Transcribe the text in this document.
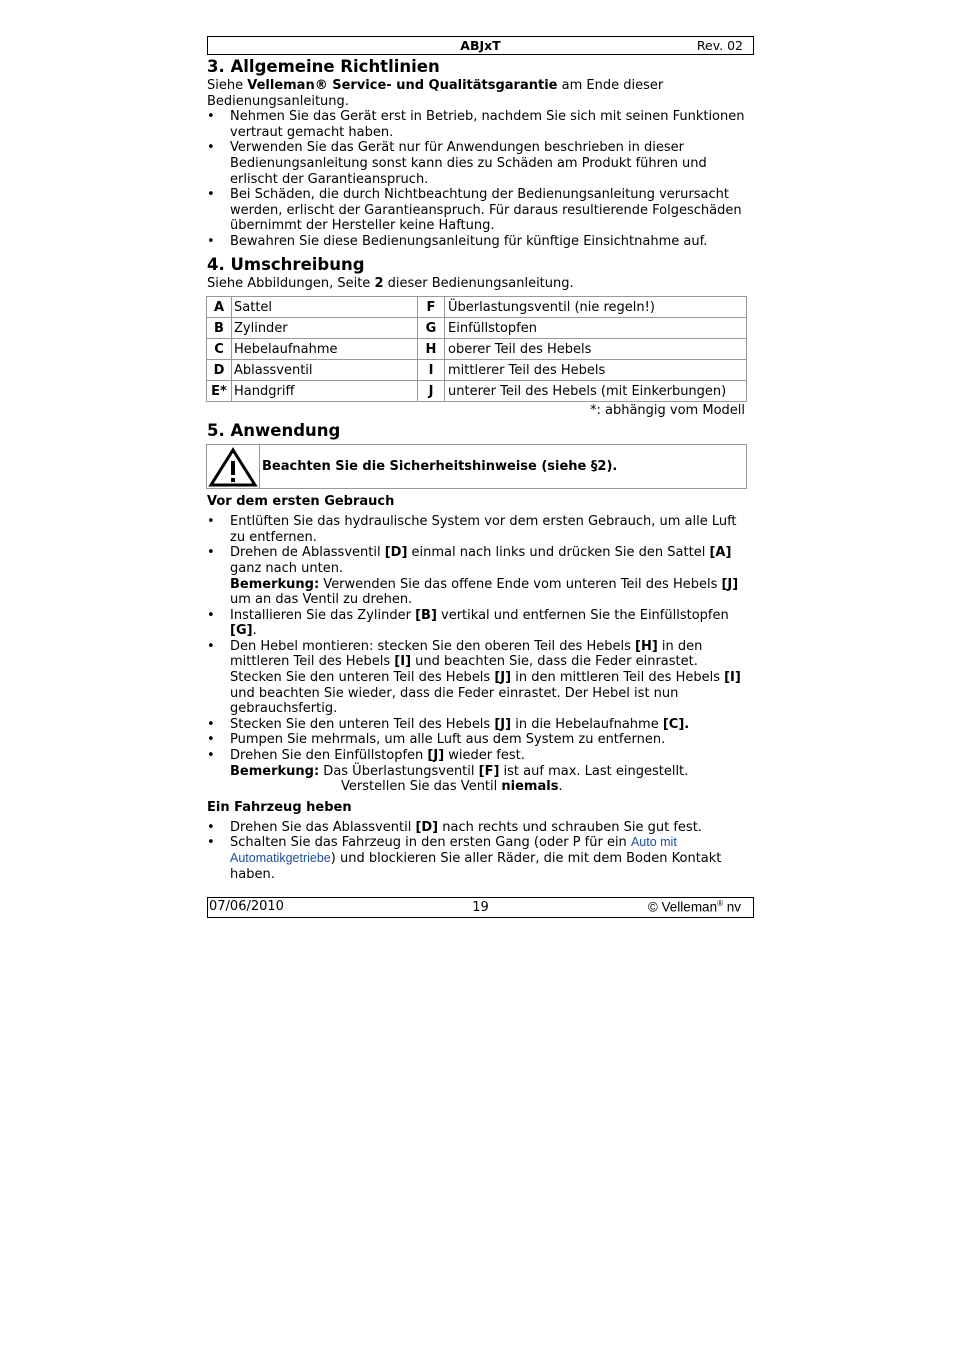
ABJxT	Rev. 02
3. Allgemeine Richtlinien

Siehe Velleman® Service- und Qualitätsgarantie am Ende dieser Bedienungsanleitung.

• Nehmen Sie das Gerät erst in Betrieb, nachdem Sie sich mit seinen Funktionen vertraut gemacht haben.
• Verwenden Sie das Gerät nur für Anwendungen beschrieben in dieser Bedienungsanleitung sonst kann dies zu Schäden am Produkt führen und erlischt der Garantieanspruch.
• Bei Schäden, die durch Nichtbeachtung der Bedienungsanleitung verursacht werden, erlischt der Garantieanspruch. Für daraus resultierende Folgeschäden übernimmt der Hersteller keine Haftung.
• Bewahren Sie diese Bedienungsanleitung für künftige Einsichtnahme auf.
4. Umschreibung

Siehe Abbildungen, Seite 2 dieser Bedienungsanleitung.

A	Sattel	F	Überlastungsventil (nie regeln!)
B	Zylinder	G	Einfüllstopfen
C	Hebelaufnahme	H	oberer Teil des Hebels
D	Ablassventil	I	mittlerer Teil des Hebels
E*	Handgriff	J	unterer Teil des Hebels (mit Einkerbungen)
*: abhängig vom Modell
5. Anwendung
Beachten Sie die Sicherheitshinweise (siehe §2).
Vor dem ersten Gebrauch
• Entlüften Sie das hydraulische System vor dem ersten Gebrauch, um alle Luft zu entfernen.
• Drehen de Ablassventil [D] einmal nach links und drücken Sie den Sattel [A] ganz nach unten.
Bemerkung: Verwenden Sie das offene Ende vom unteren Teil des Hebels [J] um an das Ventil zu drehen.
• Installieren Sie das Zylinder [B] vertikal und entfernen Sie the Einfüllstopfen [G].
• Den Hebel montieren: stecken Sie den oberen Teil des Hebels [H] in den mittleren Teil des Hebels [I] und beachten Sie, dass die Feder einrastet. Stecken Sie den unteren Teil des Hebels [J] in den mittleren Teil des Hebels [I] und beachten Sie wieder, dass die Feder einrastet. Der Hebel ist nun gebrauchsfertig.
• Stecken Sie den unteren Teil des Hebels [J] in die Hebelaufnahme [C].
• Pumpen Sie mehrmals, um alle Luft aus dem System zu entfernen.
• Drehen Sie den Einfüllstopfen [J] wieder fest.
Bemerkung: Das Überlastungsventil [F] ist auf max. Last eingestellt.
Verstellen Sie das Ventil niemals.
Ein Fahrzeug heben
• Drehen Sie das Ablassventil [D] nach rechts und schrauben Sie gut fest.
• Schalten Sie das Fahrzeug in den ersten Gang (oder P für ein Auto mit Automatikgetriebe) und blockieren Sie aller Räder, die mit dem Boden Kontakt haben.
07/06/2010	19	© Velleman® nv
